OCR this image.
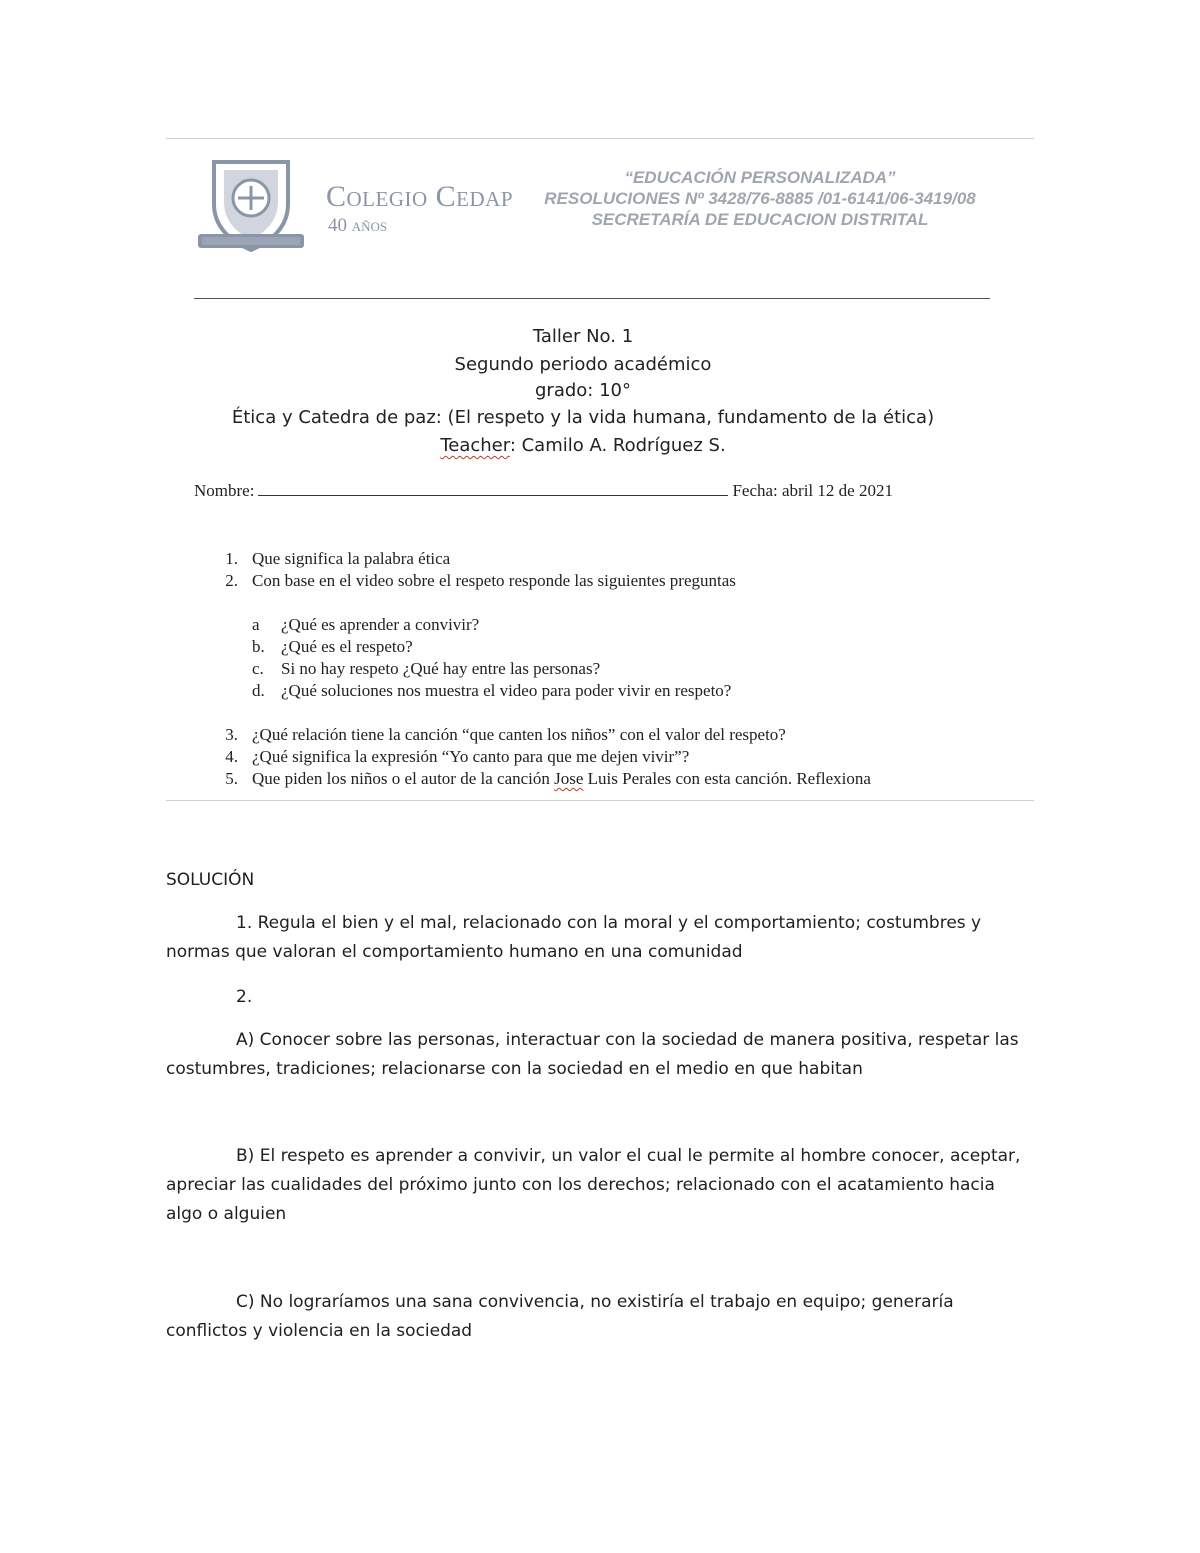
Colegio Cedap
40 años
“EDUCACIÓN PERSONALIZADA”
RESOLUCIONES Nº 3428/76-8885 /01-6141/06-3419/08
SECRETARÍA DE EDUCACION DISTRITAL
Taller No. 1
Segundo periodo académico
grado: 10°
Ética y Catedra de paz: (El respeto y la vida humana, fundamento de la ética)
Teacher: Camilo A. Rodríguez S.
Nombre:	Fecha: abril 12 de 2021
1. Que significa la palabra ética
2. Con base en el video sobre el respeto responde las siguientes preguntas
a ¿Qué es aprender a convivir?
b. ¿Qué es el respeto?
c. Si no hay respeto ¿Qué hay entre las personas?
d. ¿Qué soluciones nos muestra el video para poder vivir en respeto?
3. ¿Qué relación tiene la canción “que canten los niños” con el valor del respeto?
4. ¿Qué significa la expresión “Yo canto para que me dejen vivir”?
5. Que piden los niños o el autor de la canción Jose Luis Perales con esta canción. Reflexiona
SOLUCIÓN
1. Regula el bien y el mal, relacionado con la moral y el comportamiento; costumbres y normas que valoran el comportamiento humano en una comunidad
2.
A) Conocer sobre las personas, interactuar con la sociedad de manera positiva, respetar las costumbres, tradiciones; relacionarse con la sociedad en el medio en que habitan
B) El respeto es aprender a convivir, un valor el cual le permite al hombre conocer, aceptar, apreciar las cualidades del próximo junto con los derechos; relacionado con el acatamiento hacia algo o alguien
C) No lograríamos una sana convivencia, no existiría el trabajo en equipo; generaría conflictos y violencia en la sociedad
